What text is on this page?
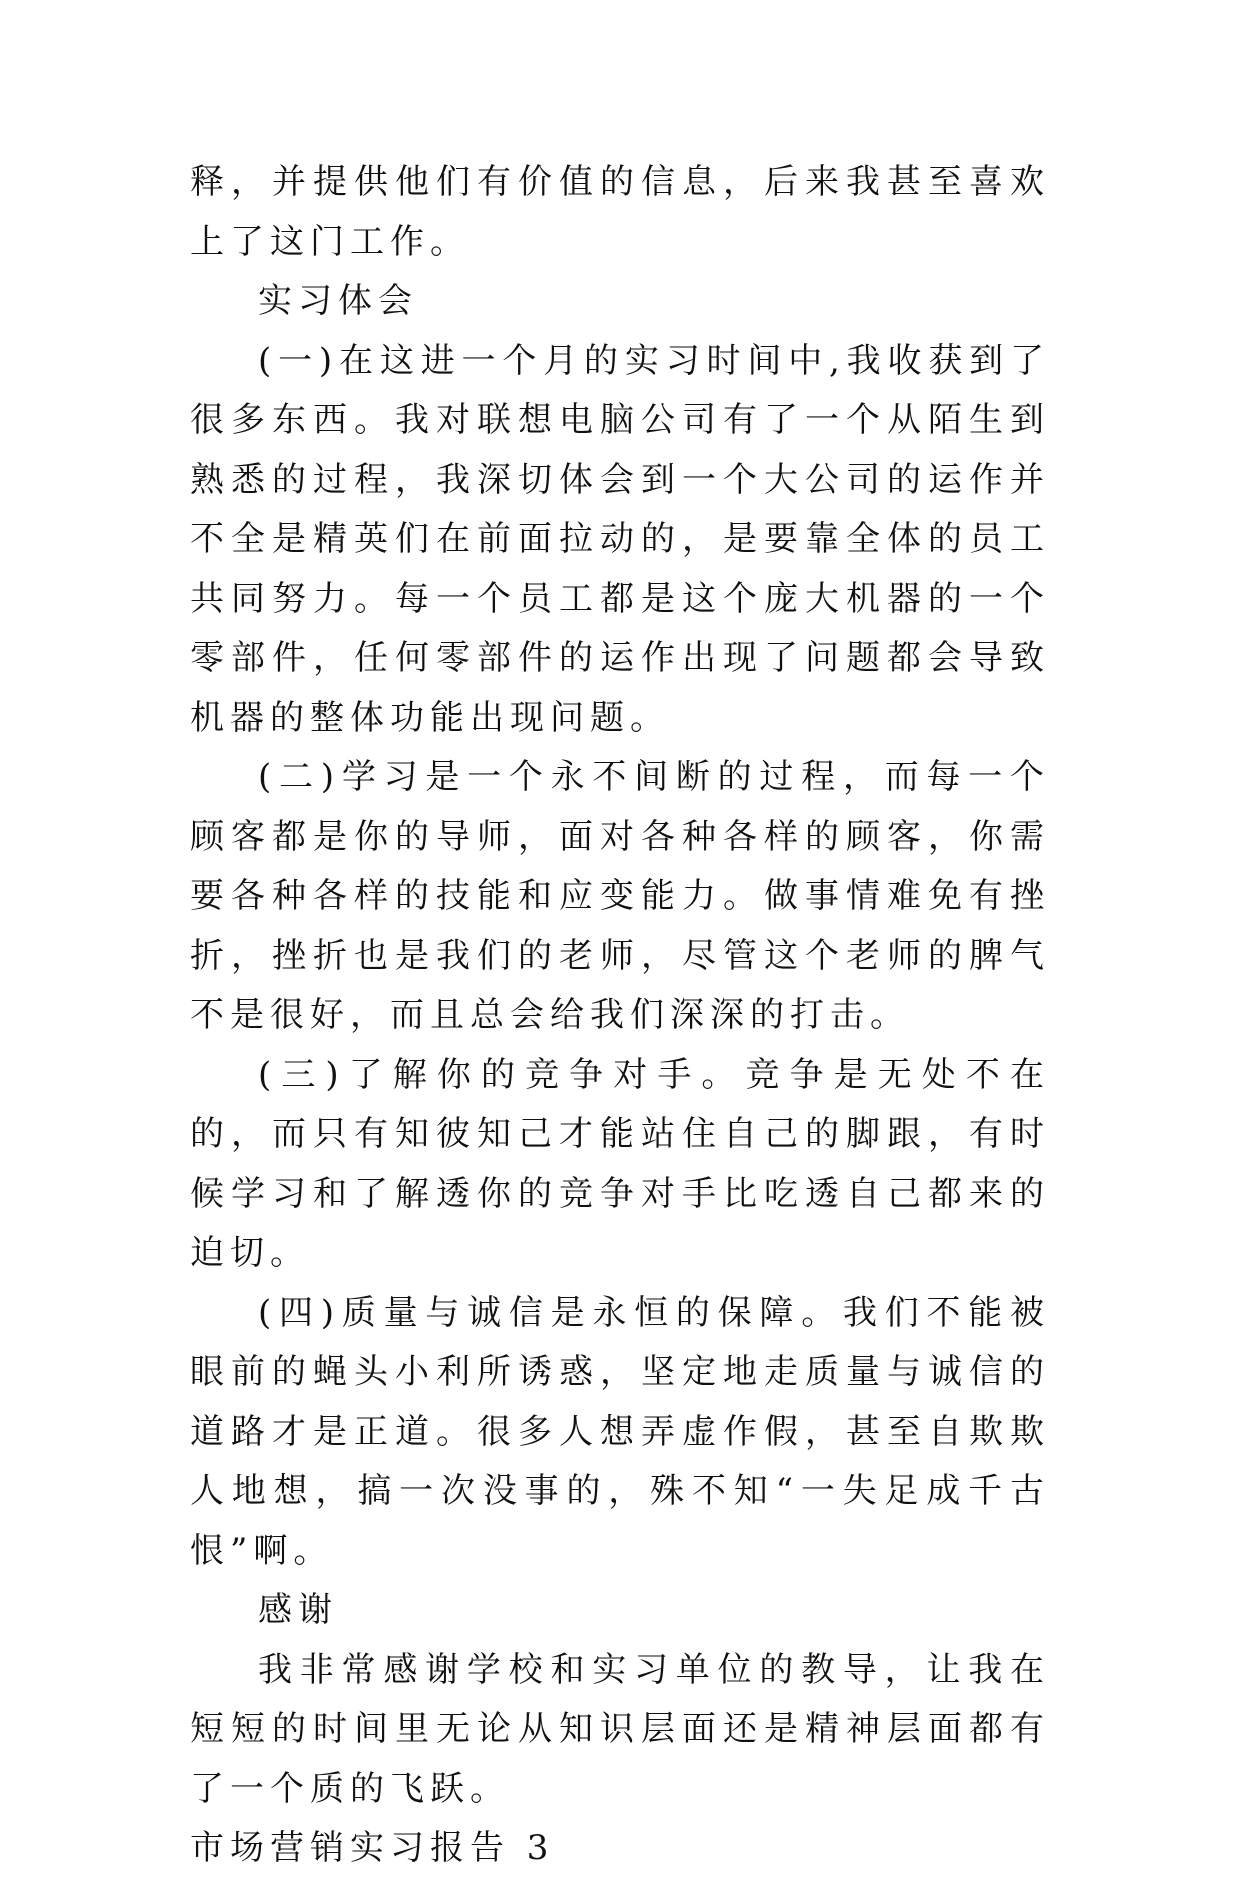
释，并提供他们有价值的信息，后来我甚至喜欢上了这门工作。

实习体会

(一)在这进一个月的实习时间中,我收获到了很多东西。我对联想电脑公司有了一个从陌生到熟悉的过程，我深切体会到一个大公司的运作并不全是精英们在前面拉动的，是要靠全体的员工共同努力。每一个员工都是这个庞大机器的一个零部件，任何零部件的运作出现了问题都会导致机器的整体功能出现问题。

(二)学习是一个永不间断的过程，而每一个顾客都是你的导师，面对各种各样的顾客，你需要各种各样的技能和应变能力。做事情难免有挫折，挫折也是我们的老师，尽管这个老师的脾气不是很好，而且总会给我们深深的打击。

(三)了解你的竞争对手。竞争是无处不在的，而只有知彼知己才能站住自己的脚跟，有时候学习和了解透你的竞争对手比吃透自己都来的迫切。

(四)质量与诚信是永恒的保障。我们不能被眼前的蝇头小利所诱惑，坚定地走质量与诚信的道路才是正道。很多人想弄虚作假，甚至自欺欺人地想，搞一次没事的，殊不知“一失足成千古恨”啊。

感谢

我非常感谢学校和实习单位的教导，让我在短短的时间里无论从知识层面还是精神层面都有了一个质的飞跃。

市场营销实习报告 3
